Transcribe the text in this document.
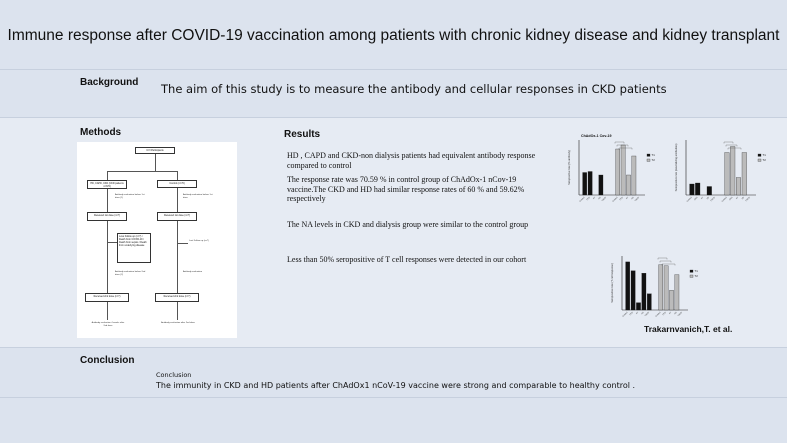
Immune response after COVID-19 vaccination among patients with chronic kidney disease and kidney transplant
Background The aim of this study is to measure the antibody and cellular responses in CKD patients
Methods	Results
HD , CAPD and CKD-non dialysis patients had equivalent antibody response compared to control
The response rate was 70.59 % in control group of ChAdOx-1 nCov-19 vaccine.The CKD and HD had similar response rates of 60 % and 59.62% respectively
The NA levels in CKD and dialysis group were similar to the control group
Less than 50% seropositive of T cell responses were detected in our cohort
Trakarnvanich,T. et al.
CVI Participants
HD, CAPD, CKD (CKD patients n=370)
Control (n=70)
Antibody evaluation before 1st dose (1)
Antibody evaluation before 1st dose
Received 1st dose (n=?)	Received 1st dose (n=?)
Loss Follow up (n=?) / Death from COVID-19 / Death from sepsis / Death from underlying disease
Lost Follow up (n=?)
Antibody evaluation before 2nd dose (2)
Antibody evaluation
Received 2nd dose (n=?)	Received 2nd dose (n=?)
Antibody evaluation 4 weeks after 2nd dose
Antibody evaluation after 2nd dose
ChAdOx-1 Cov-19
Seropositive rate (% antibody)
Control CKD KT HD CAPD	Control CKD KT HD CAPD
T1
T2	Seropositive rate (neutralizing antibodies)
Control CKD KT HD CAPD	Control CKD KT HD CAPD
T1
T2
Seropositive rate (T cell response)
Control CKD KT HD CAPD	Control CKD KT HD CAPD
T1
T2
Conclusion
Conclusion
The immunity in CKD and HD patients after ChAdOx1 nCoV-19 vaccine were strong and comparable to healthy control .
